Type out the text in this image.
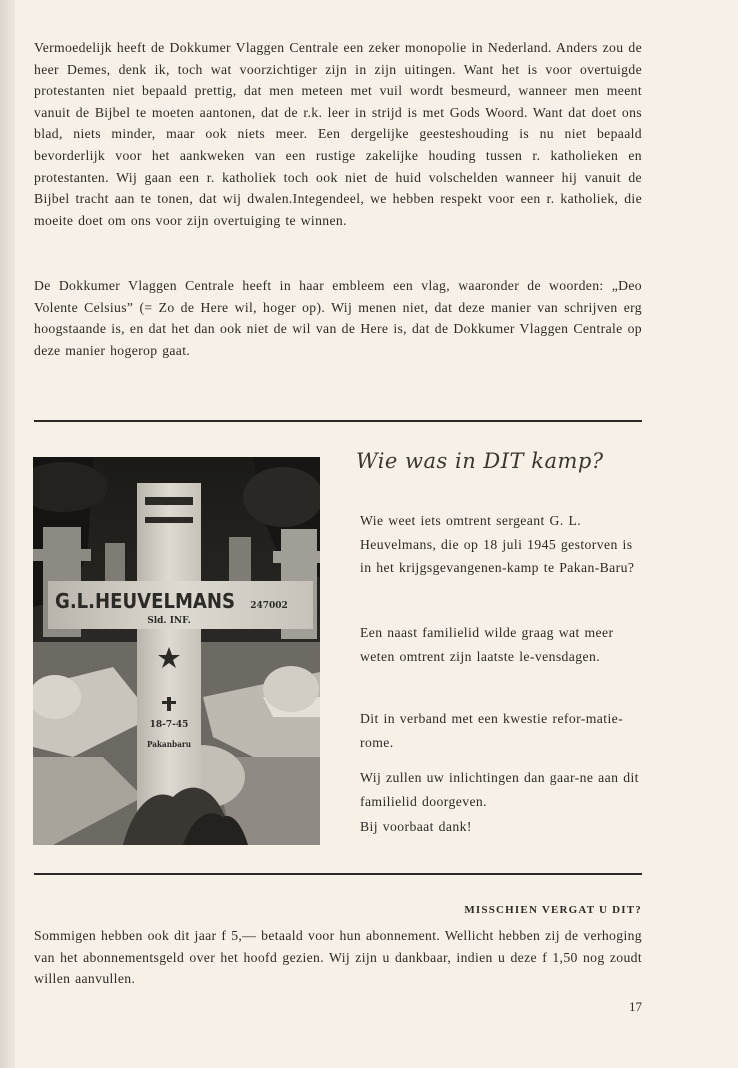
Vermoedelijk heeft de Dokkumer Vlaggen Centrale een zeker monopolie in Nederland. Anders zou de heer Demes, denk ik, toch wat voorzichtiger zijn in zijn uitingen. Want het is voor overtuigde protestanten niet bepaald prettig, dat men meteen met vuil wordt besmeurd, wanneer men meent vanuit de Bijbel te moeten aantonen, dat de r.k. leer in strijd is met Gods Woord. Want dat doet ons blad, niets minder, maar ook niets meer. Een dergelijke geesteshouding is nu niet bepaald bevorderlijk voor het aankweken van een rustige zakelijke houding tussen r. katholieken en protestanten. Wij gaan een r. katholiek toch ook niet de huid volschelden wanneer hij vanuit de Bijbel tracht aan te tonen, dat wij dwalen.Integendeel, we hebben respekt voor een r. katholiek, die moeite doet om ons voor zijn overtuiging te winnen.

De Dokkumer Vlaggen Centrale heeft in haar embleem een vlag, waaronder de woorden: „Deo Volente Celsius” (= Zo de Here wil, hoger op). Wij menen niet, dat deze manier van schrijven erg hoogstaande is, en dat het dan ook niet de wil van de Here is, dat de Dokkumer Vlaggen Centrale op deze manier hogerop gaat.

G.L.HEUVELMANS 247002
Sld. INF.
18-7-45
Pakanbaru
Wie was in DIT kamp?

Wie weet iets omtrent sergeant G. L. Heuvelmans, die op 18 juli 1945 gestorven is in het krijgsgevangenen-kamp te Pakan-Baru?

Een naast familielid wilde graag wat meer weten omtrent zijn laatste le-vensdagen.

Dit in verband met een kwestie refor-matie-rome.

Wij zullen uw inlichtingen dan gaar-ne aan dit familielid doorgeven.

Bij voorbaat dank!

MISSCHIEN VERGAT U DIT?

Sommigen hebben ook dit jaar f 5,— betaald voor hun abonnement. Wellicht hebben zij de verhoging van het abonnementsgeld over het hoofd gezien. Wij zijn u dankbaar, indien u deze f 1,50 nog zoudt willen aanvullen.

17
